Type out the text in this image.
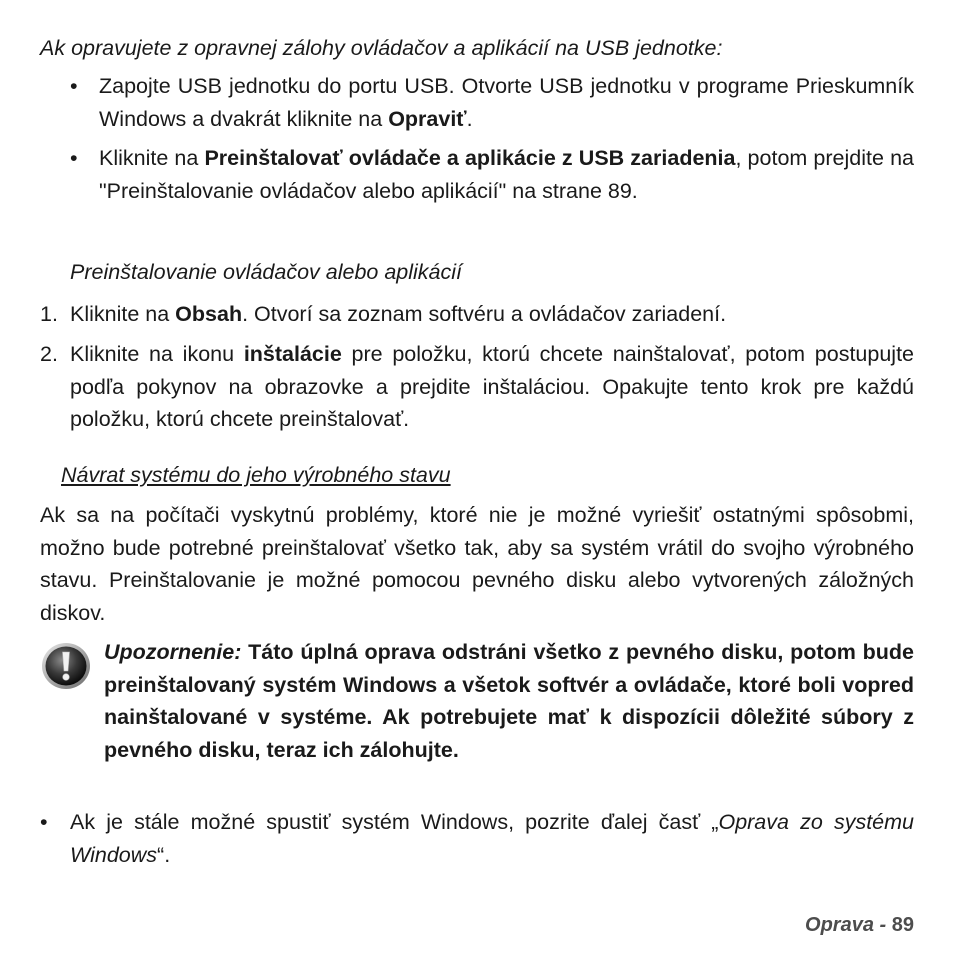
Ak opravujete z opravnej zálohy ovládačov a aplikácií na USB jednotke:

• Zapojte USB jednotku do portu USB. Otvorte USB jednotku v programe Prieskumník Windows a dvakrát kliknite na Opraviť.

• Kliknite na Preinštalovať ovládače a aplikácie z USB zariadenia, potom prejdite na "Preinštalovanie ovládačov alebo aplikácií" na strane 89.

Preinštalovanie ovládačov alebo aplikácií

1. Kliknite na Obsah. Otvorí sa zoznam softvéru a ovládačov zariadení.

2. Kliknite na ikonu inštalácie pre položku, ktorú chcete nainštalovať, potom postupujte podľa pokynov na obrazovke a prejdite inštaláciou. Opakujte tento krok pre každú položku, ktorú chcete preinštalovať.

Návrat systému do jeho výrobného stavu

Ak sa na počítači vyskytnú problémy, ktoré nie je možné vyriešiť ostatnými spôsobmi, možno bude potrebné preinštalovať všetko tak, aby sa systém vrátil do svojho výrobného stavu. Preinštalovanie je možné pomocou pevného disku alebo vytvorených záložných diskov.

Upozornenie: Táto úplná oprava odstráni všetko z pevného disku, potom bude preinštalovaný systém Windows a všetok softvér a ovládače, ktoré boli vopred nainštalované v systéme. Ak potrebujete mať k dispozícii dôležité súbory z pevného disku, teraz ich zálohujte.

• Ak je stále možné spustiť systém Windows, pozrite ďalej časť „Oprava zo systému Windows“.

Oprava - 89
